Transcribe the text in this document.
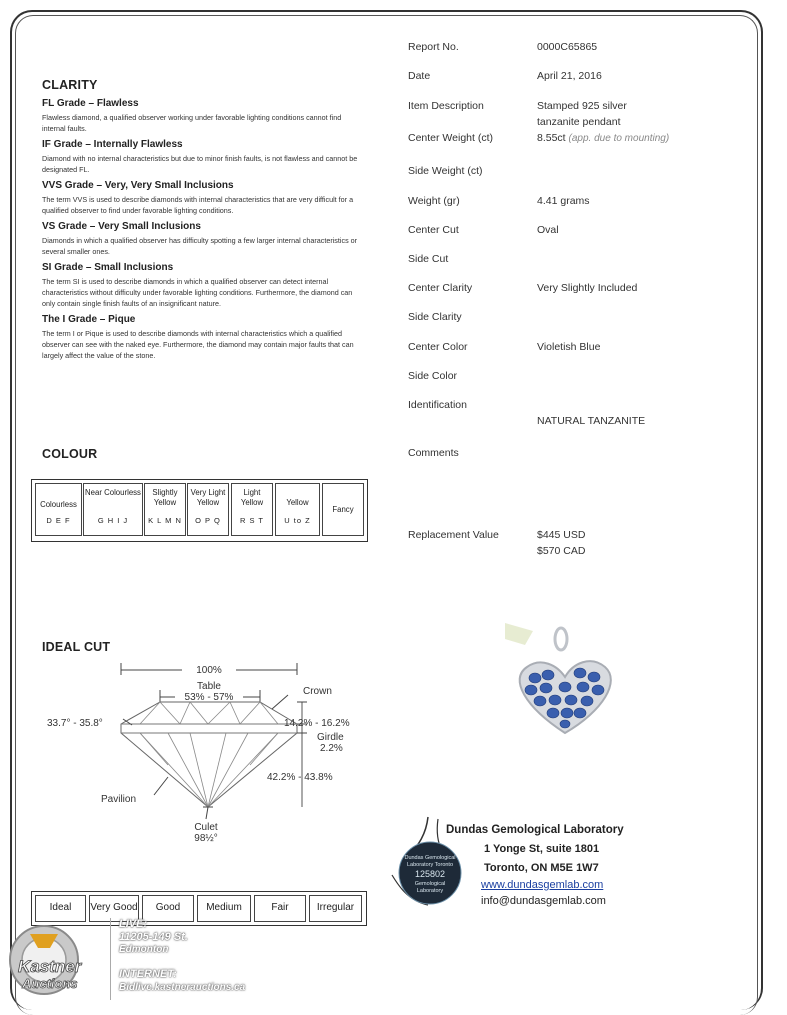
CLARITY
FL Grade – Flawless
Flawless diamond, a qualified observer working under favorable lighting conditions cannot find internal faults.
IF Grade – Internally Flawless
Diamond with no internal characteristics but due to minor finish faults, is not flawless and cannot be designated FL.
VVS Grade – Very, Very Small Inclusions
The term VVS is used to describe diamonds with internal characteristics that are very difficult for a qualified observer to find under favorable lighting conditions.
VS Grade – Very Small Inclusions
Diamonds in which a qualified observer has difficulty spotting a few larger internal characteristics or several smaller ones.
SI Grade – Small Inclusions
The term SI is used to describe diamonds in which a qualified observer can detect internal characteristics without difficulty under favorable lighting conditions. Furthermore, the diamond can only contain single finish faults of an insignificant nature.
The I Grade – Pique
The term I or Pique is used to describe diamonds with internal characteristics which a qualified observer can see with the naked eye. Furthermore, the diamond may contain major faults that can largely affect the value of the stone.
COLOUR
Colourless
D E F
Near Colourless
G H I J
Slightly Yellow
K L M N
Very Light Yellow
O P Q
Light Yellow
R S T
Yellow
U to Z
Fancy
IDEAL CUT
100%
Table
53% - 57%
Crown
33.7° - 35.8°	14.2% - 16.2%
Girdle
2.2%
42.2% - 43.8%
Pavilion
Culet
98½°
Ideal	Very Good	Good	Medium	Fair	Irregular
Report No.	0000C65865
Date	April 21, 2016
Item Description	Stamped 925 silver
tanzanite pendant
Center Weight (ct)	8.55ct (app. due to mounting)
Side Weight (ct)
Weight (gr)	4.41 grams
Center Cut	Oval
Side Cut
Center Clarity	Very Slightly Included
Side Clarity
Center Color	Violetish Blue
Side Color
Identification
NATURAL TANZANITE
Comments
Replacement Value	$445 USD
$570 CAD
Dundas Gemological
Laboratory Toronto
125802
Gemological
Laboratory
Dundas Gemological Laboratory
1 Yonge St, suite 1801
Toronto, ON M5E 1W7
www.dundasgemlab.com
info@dundasgemlab.com
Kastner
Auctions
LIVE:
11205-149 St.
Edmonton
INTERNET:
Bidlive.kastnerauctions.ca
